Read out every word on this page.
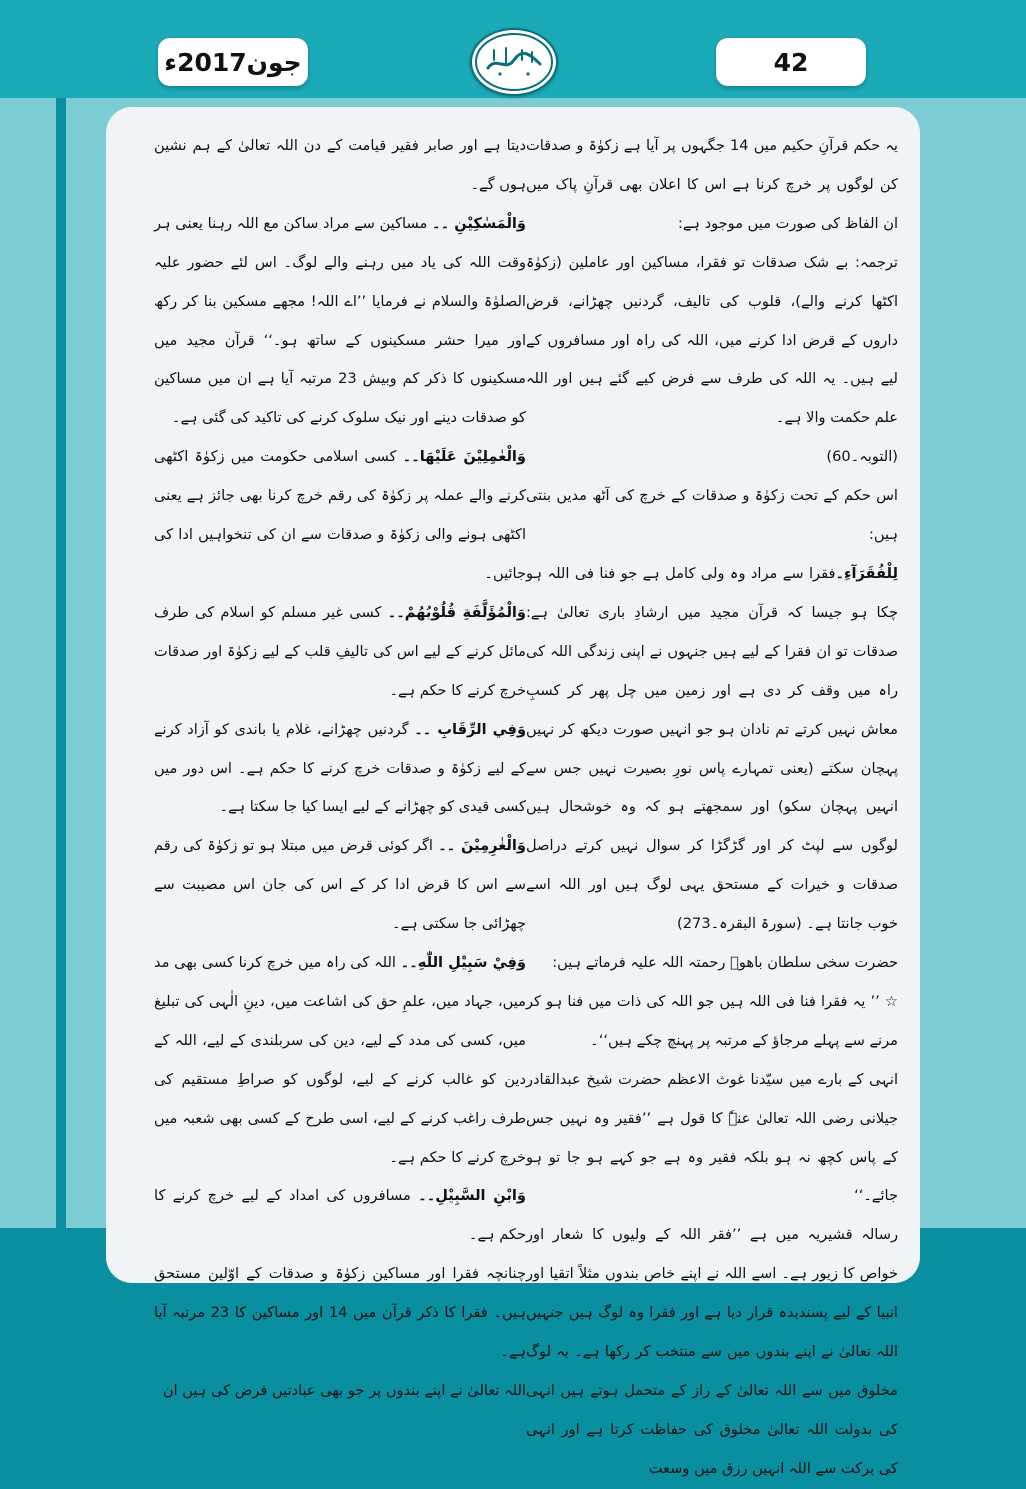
جون2017ء	42

یہ حکم قرآنِ حکیم میں 14 جگہوں پر آیا ہے زکوٰۃ و صدقات کن لوگوں پر خرچ کرنا ہے اس کا اعلان بھی قرآنِ پاک میں ان الفاظ کی صورت میں موجود ہے:

ترجمہ: بے شک صدقات تو فقرا، مساکین اور عاملین (زکوٰۃ اکٹھا کرنے والے)، قلوب کی تالیف، گردنیں چھڑانے، قرض داروں کے قرض ادا کرنے میں، اللہ کی راہ اور مسافروں کے لیے ہیں۔ یہ اللہ کی طرف سے فرض کیے گئے ہیں اور اللہ علم حکمت والا ہے۔

(التوبہ۔60)

اس حکم کے تحت زکوٰۃ و صدقات کے خرچ کی آٹھ مدیں بنتی ہیں:

لِلْفُقَرَآءِ۔فقرا سے مراد وہ ولی کامل ہے جو فنا فی اللہ ہو چکا ہو جیسا کہ قرآن مجید میں ارشادِ باری تعالیٰ ہے: صدقات تو ان فقرا کے لیے ہیں جنہوں نے اپنی زندگی اللہ کی راہ میں وقف کر دی ہے اور زمین میں چل پھر کر کسبِ معاش نہیں کرتے تم نادان ہو جو انہیں صورت دیکھ کر نہیں پہچان سکتے (یعنی تمہارے پاس نورِ بصیرت نہیں جس سے انہیں پہچان سکو) اور سمجھتے ہو کہ وہ خوشحال ہیں لوگوں سے لپٹ کر اور گڑگڑا کر سوال نہیں کرتے دراصل صدقات و خیرات کے مستحق یہی لوگ ہیں اور اللہ اسے خوب جانتا ہے۔ (سورۃ البقرہ۔273)

حضرت سخی سلطان باھوؒ رحمتہ اللہ علیہ فرماتے ہیں:

☆ ’’ یہ فقرا فنا فی اللہ ہیں جو اللہ کی ذات میں فنا ہو کر مرنے سے پہلے مرجاؤ کے مرتبہ پر پہنچ چکے ہیں‘‘۔

انہی کے بارے میں سیّدنا غوث الاعظم حضرت شیخ عبدالقادر جیلانی رضی اللہ تعالیٰ عنہٗ کا قول ہے ’’فقیر وہ نہیں جس کے پاس کچھ نہ ہو بلکہ فقیر وہ ہے جو کہے ہو جا تو ہو جائے۔‘‘

رسالہ قشیریہ میں ہے ’’فقر اللہ کے ولیوں کا شعار اور خواص کا زیور ہے۔ اسے اللہ نے اپنے خاص بندوں مثلاً اتقیا اور انبیا کے لیے پسندیدہ قرار دیا ہے اور فقرا وہ لوگ ہیں جنہیں اللہ تعالیٰ نے اپنے بندوں میں سے منتخب کر رکھا ہے۔ یہ لوگ مخلوق میں سے اللہ تعالیٰ کے راز کے متحمل ہوتے ہیں انہی کی بدولت اللہ تعالیٰ مخلوق کی حفاظت کرتا ہے اور انہی کی برکت سے اللہ انہیں رزق میں وسعت

دیتا ہے اور صابر فقیر قیامت کے دن اللہ تعالیٰ کے ہم نشین ہوں گے۔

وَالْمَسٰكِيْنِ ۔۔ مساکین سے مراد ساکن مع اللہ رہنا یعنی ہر وقت اللہ کی یاد میں رہنے والے لوگ۔ اس لئے حضور علیہ الصلوٰۃ والسلام نے فرمایا ’’اے اللہ! مجھے مسکین بنا کر رکھ اور میرا حشر مسکینوں کے ساتھ ہو۔‘‘ قرآن مجید میں مسکینوں کا ذکر کم وبیش 23 مرتبہ آیا ہے ان میں مساکین کو صدقات دینے اور نیک سلوک کرنے کی تاکید کی گئی ہے۔

وَالْعٰمِلِيْنَ عَلَيْهَا۔۔ کسی اسلامی حکومت میں زکوٰۃ اکٹھی کرنے والے عملہ پر زکوٰۃ کی رقم خرچ کرنا بھی جائز ہے یعنی اکٹھی ہونے والی زکوٰۃ و صدقات سے ان کی تنخواہیں ادا کی جائیں۔

وَالْمُؤَلَّفَةِ قُلُوْبُهُمْ۔۔ کسی غیر مسلم کو اسلام کی طرف مائل کرنے کے لیے اس کی تالیفِ قلب کے لیے زکوٰۃ اور صدقات خرچ کرنے کا حکم ہے۔

وَفِي الرِّقَابِ ۔۔ گردنیں چھڑانے، غلام یا باندی کو آزاد کرنے کے لیے زکوٰۃ و صدقات خرچ کرنے کا حکم ہے۔ اس دور میں کسی قیدی کو چھڑانے کے لیے ایسا کیا جا سکتا ہے۔

وَالْغٰرِمِيْنَ ۔۔ اگر کوئی قرض میں مبتلا ہو تو زکوٰۃ کی رقم سے اس کا قرض ادا کر کے اس کی جان اس مصیبت سے چھڑائی جا سکتی ہے۔

وَفِيْ سَبِيْلِ اللّٰهِ۔۔ اللہ کی راہ میں خرچ کرنا کسی بھی مد میں، جہاد میں، علمِ حق کی اشاعت میں، دینِ الٰہی کی تبلیغ میں، کسی کی مدد کے لیے، دین کی سربلندی کے لیے، اللہ کے دین کو غالب کرنے کے لیے، لوگوں کو صراطِ مستقیم کی طرف راغب کرنے کے لیے، اسی طرح کے کسی بھی شعبہ میں خرچ کرنے کا حکم ہے۔

وَابْنِ السَّبِيْلِ۔۔ مسافروں کی امداد کے لیے خرچ کرنے کا حکم ہے۔

چنانچہ فقرا اور مساکین زکوٰۃ و صدقات کے اوّلین مستحق ہیں۔ فقرا کا ذکر قرآن میں 14 اور مساکین کا 23 مرتبہ آیا ہے۔

اللہ تعالیٰ نے اپنے بندوں پر جو بھی عبادتیں فرض کی ہیں ان
